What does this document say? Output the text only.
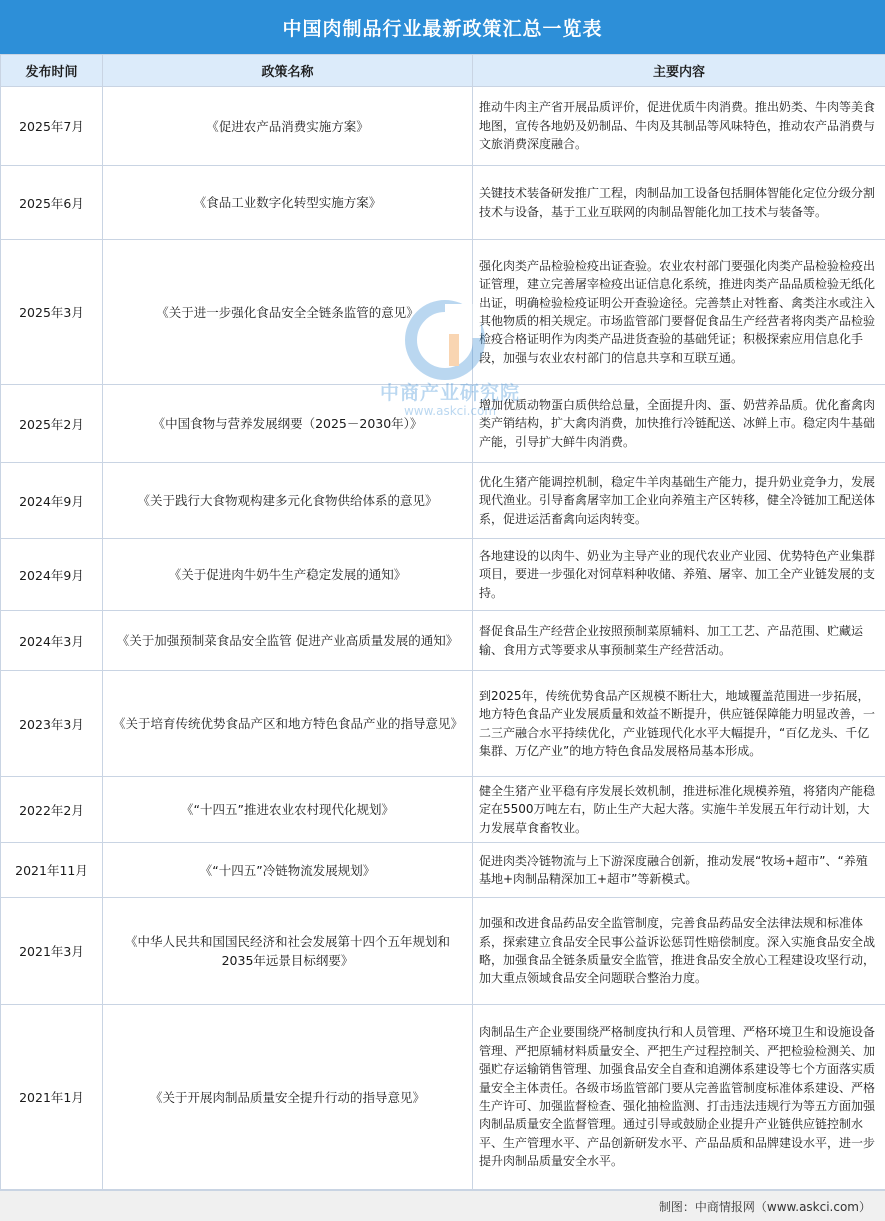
中国肉制品行业最新政策汇总一览表
发布时间	政策名称	主要内容
2025年7月	《促进农产品消费实施方案》	推动牛肉主产省开展品质评价，促进优质牛肉消费。推出奶类、牛肉等美食地图，宣传各地奶及奶制品、牛肉及其制品等风味特色，推动农产品消费与文旅消费深度融合。
2025年6月	《食品工业数字化转型实施方案》	关键技术装备研发推广工程，肉制品加工设备包括胴体智能化定位分级分割技术与设备，基于工业互联网的肉制品智能化加工技术与装备等。
2025年3月	《关于进一步强化食品安全全链条监管的意见》	强化肉类产品检验检疫出证查验。农业农村部门要强化肉类产品检验检疫出证管理，建立完善屠宰检疫出证信息化系统，推进肉类产品品质检验无纸化出证，明确检验检疫证明公开查验途径。完善禁止对牲畜、禽类注水或注入其他物质的相关规定。市场监管部门要督促食品生产经营者将肉类产品检验检疫合格证明作为肉类产品进货查验的基础凭证；积极探索应用信息化手段，加强与农业农村部门的信息共享和互联互通。
2025年2月	《中国食物与营养发展纲要（2025－2030年）》	增加优质动物蛋白质供给总量，全面提升肉、蛋、奶营养品质。优化畜禽肉类产销结构，扩大禽肉消费，加快推行冷链配送、冰鲜上市。稳定肉牛基础产能，引导扩大鲜牛肉消费。
2024年9月	《关于践行大食物观构建多元化食物供给体系的意见》	优化生猪产能调控机制，稳定牛羊肉基础生产能力，提升奶业竞争力，发展现代渔业。引导畜禽屠宰加工企业向养殖主产区转移，健全冷链加工配送体系，促进运活畜禽向运肉转变。
2024年9月	《关于促进肉牛奶牛生产稳定发展的通知》	各地建设的以肉牛、奶业为主导产业的现代农业产业园、优势特色产业集群项目，要进一步强化对饲草料种收储、养殖、屠宰、加工全产业链发展的支持。
2024年3月	《关于加强预制菜食品安全监管 促进产业高质量发展的通知》	督促食品生产经营企业按照预制菜原辅料、加工工艺、产品范围、贮藏运输、食用方式等要求从事预制菜生产经营活动。
2023年3月	《关于培育传统优势食品产区和地方特色食品产业的指导意见》	到2025年，传统优势食品产区规模不断壮大，地域覆盖范围进一步拓展，地方特色食品产业发展质量和效益不断提升，供应链保障能力明显改善，一二三产融合水平持续优化，产业链现代化水平大幅提升，“百亿龙头、千亿集群、万亿产业”的地方特色食品发展格局基本形成。
2022年2月	《“十四五”推进农业农村现代化规划》	健全生猪产业平稳有序发展长效机制，推进标准化规模养殖，将猪肉产能稳定在5500万吨左右，防止生产大起大落。实施牛羊发展五年行动计划，大力发展草食畜牧业。
2021年11月	《“十四五”冷链物流发展规划》	促进肉类冷链物流与上下游深度融合创新，推动发展“牧场+超市”、“养殖基地+肉制品精深加工+超市”等新模式。
2021年3月	《中华人民共和国国民经济和社会发展第十四个五年规划和2035年远景目标纲要》	加强和改进食品药品安全监管制度，完善食品药品安全法律法规和标准体系，探索建立食品安全民事公益诉讼惩罚性赔偿制度。深入实施食品安全战略，加强食品全链条质量安全监管，推进食品安全放心工程建设攻坚行动，加大重点领域食品安全问题联合整治力度。
2021年1月	《关于开展肉制品质量安全提升行动的指导意见》	肉制品生产企业要围绕严格制度执行和人员管理、严格环境卫生和设施设备管理、严把原辅材料质量安全、严把生产过程控制关、严把检验检测关、加强贮存运输销售管理、加强食品安全自查和追溯体系建设等七个方面落实质量安全主体责任。各级市场监管部门要从完善监管制度标准体系建设、严格生产许可、加强监督检查、强化抽检监测、打击违法违规行为等五方面加强肉制品质量安全监督管理。通过引导或鼓励企业提升产业链供应链控制水平、生产管理水平、产品创新研发水平、产品品质和品牌建设水平，进一步提升肉制品质量安全水平。
中商产业研究院
www.askci.com
制图：中商情报网（www.askci.com）
